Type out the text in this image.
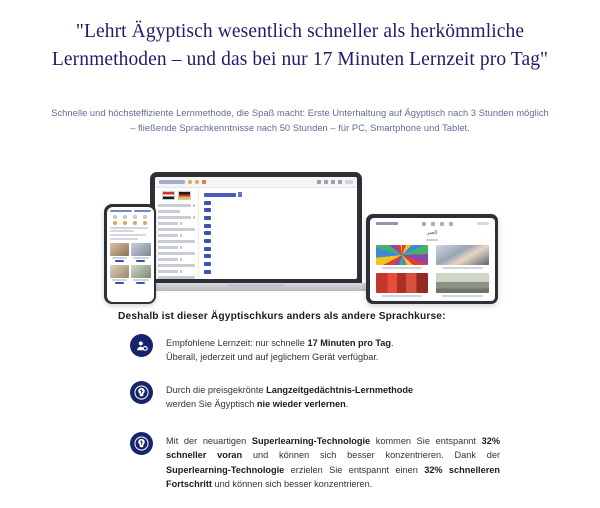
"Lehrt Ägyptisch wesentlich schneller als herkömmliche
Lernmethoden – und das bei nur 17 Minuten Lernzeit pro Tag"
Schnelle und höchsteffiziente Lernmethode, die Spaß macht: Erste Unterhaltung auf Ägyptisch nach 3 Stunden möglich
– fließende Sprachkenntnisse nach 50 Stunden – für PC, Smartphone und Tablet.
الحبر
Deshalb ist dieser Ägyptischkurs anders als andere Sprachkurse:
Empfohlene Lernzeit: nur schnelle 17 Minuten pro Tag.
Überall, jederzeit und auf jeglichem Gerät verfügbar.
Durch die preisgekrönte Langzeitgedächtnis-Lernmethode werden Sie Ägyptisch nie wieder verlernen.
Mit der neuartigen Superlearning-Technologie kommen Sie entspannt 32% schneller voran und können sich besser konzentrieren. Dank der Superlearning-Technologie erzielen Sie entspannt einen 32% schnelleren Fortschritt und können sich besser konzentrieren.
